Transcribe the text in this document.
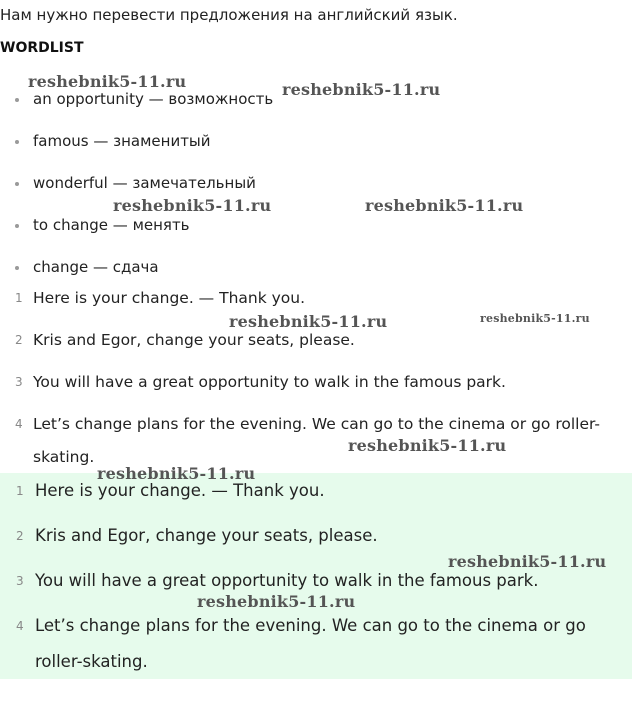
Нам нужно перевести предложения на английский язык.
WORDLIST
an opportunity — возможность
famous — знаменитый
wonderful — замечательный
to change — менять
change — сдача
1 Here is your change. — Thank you.
2 Kris and Egor, change your seats, please.
3 You will have a great opportunity to walk in the famous park.
4 Let’s change plans for the evening. We can go to the cinema or go roller-skating.
1 Here is your change. — Thank you.
2 Kris and Egor, change your seats, please.
3 You will have a great opportunity to walk in the famous park.
4 Let’s change plans for the evening. We can go to the cinema or go roller-skating.
reshebnik5-11.ru	reshebnik5-11.ru
reshebnik5-11.ru	reshebnik5-11.ru
reshebnik5-11.ru	reshebnik5-11.ru
reshebnik5-11.ru
reshebnik5-11.ru
reshebnik5-11.ru
reshebnik5-11.ru
